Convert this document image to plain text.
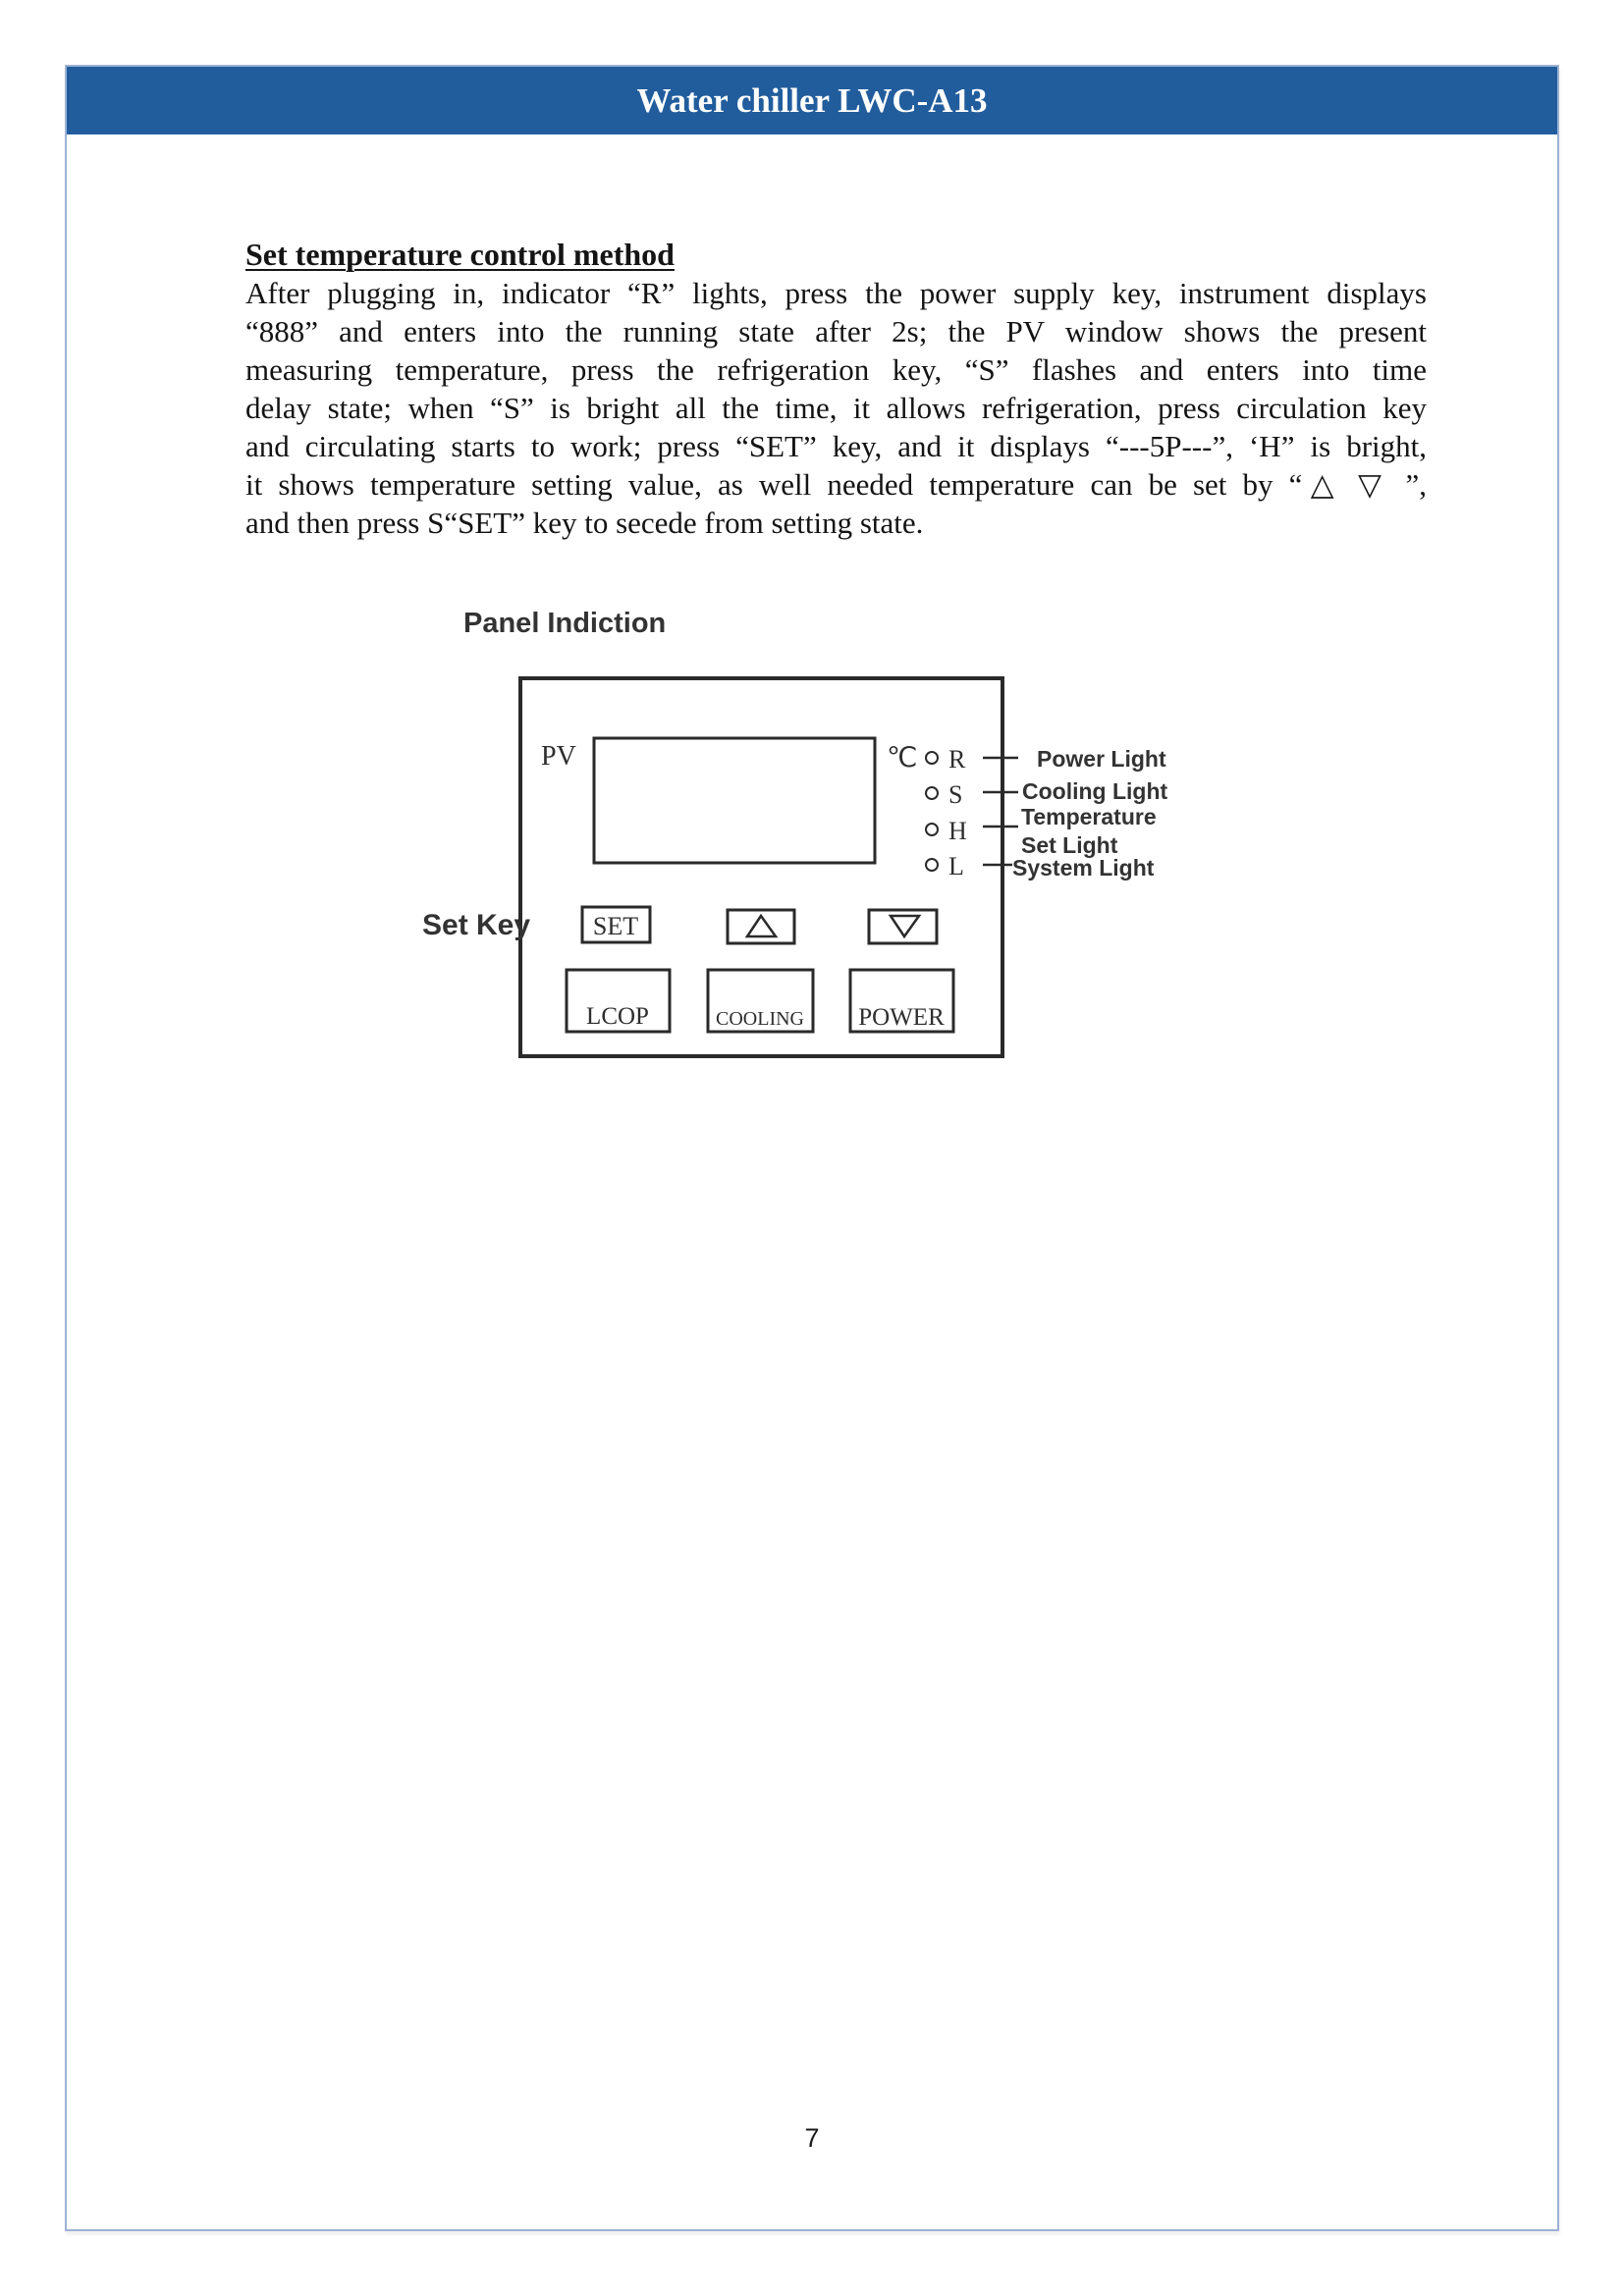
Water chiller LWC-A13
Set temperature control method
After plugging in, indicator “R” lights, press the power supply key, instrument displays
“888” and enters into the running state after 2s; the PV window shows the present
measuring temperature, press the refrigeration key, “S” flashes and enters into time
delay state; when “S” is bright all the time, it allows refrigeration, press circulation key
and circulating starts to work; press “SET” key, and it displays “---5P---”, ‘H” is bright,
it shows temperature setting value, as well needed temperature can be set by “△ ▽ ”,
and then press S“SET” key to secede from setting state.
Panel Indiction
PV	℃ R	Power Light
S	Cooling Light
H Temperature
Set Light
L System Light
Set Key SET
LCOP	COOLING POWER
7
